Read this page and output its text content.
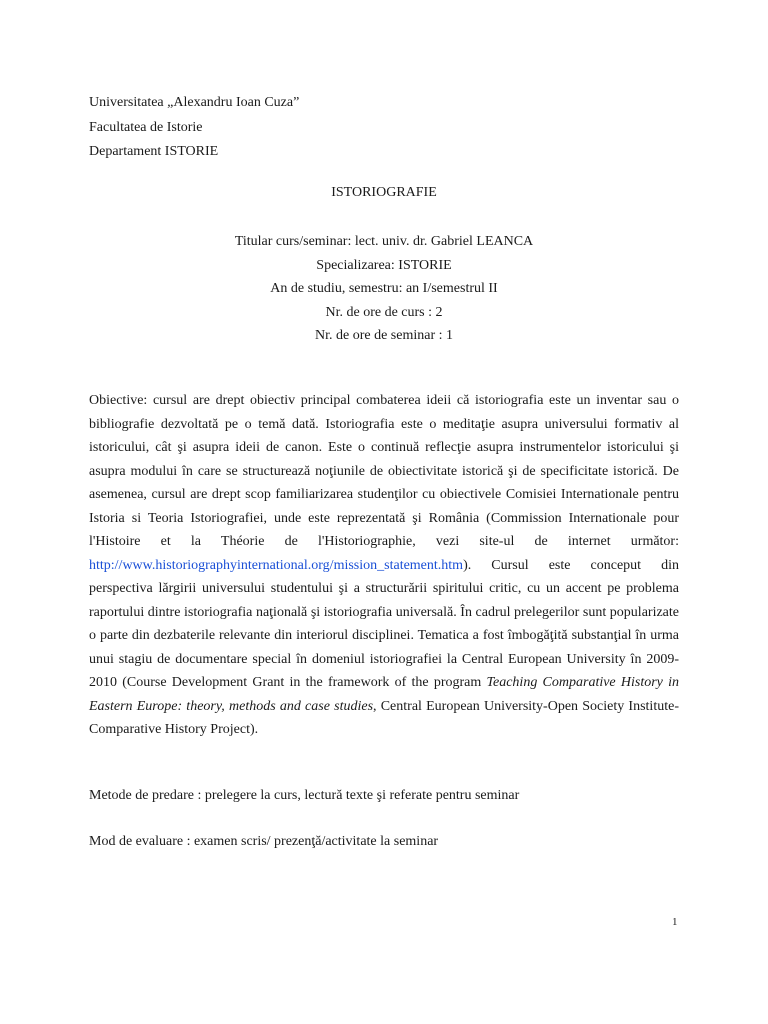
Universitatea „Alexandru Ioan Cuza”
Facultatea de Istorie
Departament ISTORIE
ISTORIOGRAFIE
Titular curs/seminar: lect. univ. dr. Gabriel LEANCA
Specializarea: ISTORIE
An de studiu, semestru: an I/semestrul II
Nr. de ore de curs : 2
Nr. de ore de seminar : 1
Obiective: cursul are drept obiectiv principal combaterea ideii că istoriografia este un inventar sau o bibliografie dezvoltată pe o temă dată. Istoriografia este o meditaţie asupra universului formativ al istoricului, cât şi asupra ideii de canon. Este o continuă reflecţie asupra instrumentelor istoricului şi asupra modului în care se structurează noţiunile de obiectivitate istorică şi de specificitate istorică. De asemenea, cursul are drept scop familiarizarea studenţilor cu obiectivele Comisiei Internationale pentru Istoria si Teoria Istoriografiei, unde este reprezentată şi România (Commission Internationale pour l'Histoire et la Théorie de l'Historiographie, vezi site-ul de internet următor: http://www.historiographyinternational.org/mission_statement.htm). Cursul este conceput din perspectiva lărgirii universului studentului şi a structurării spiritului critic, cu un accent pe problema raportului dintre istoriografia naţională şi istoriografia universală. În cadrul prelegerilor sunt popularizate o parte din dezbaterile relevante din interiorul disciplinei. Tematica a fost îmbogăţită substanţial în urma unui stagiu de documentare special în domeniul istoriografiei la Central European University în 2009-2010 (Course Development Grant in the framework of the program Teaching Comparative History in Eastern Europe: theory, methods and case studies, Central European University-Open Society Institute-Comparative History Project).
Metode de predare : prelegere la curs, lectură texte şi referate pentru seminar
Mod de evaluare : examen scris/ prezenţă/activitate la seminar
1
